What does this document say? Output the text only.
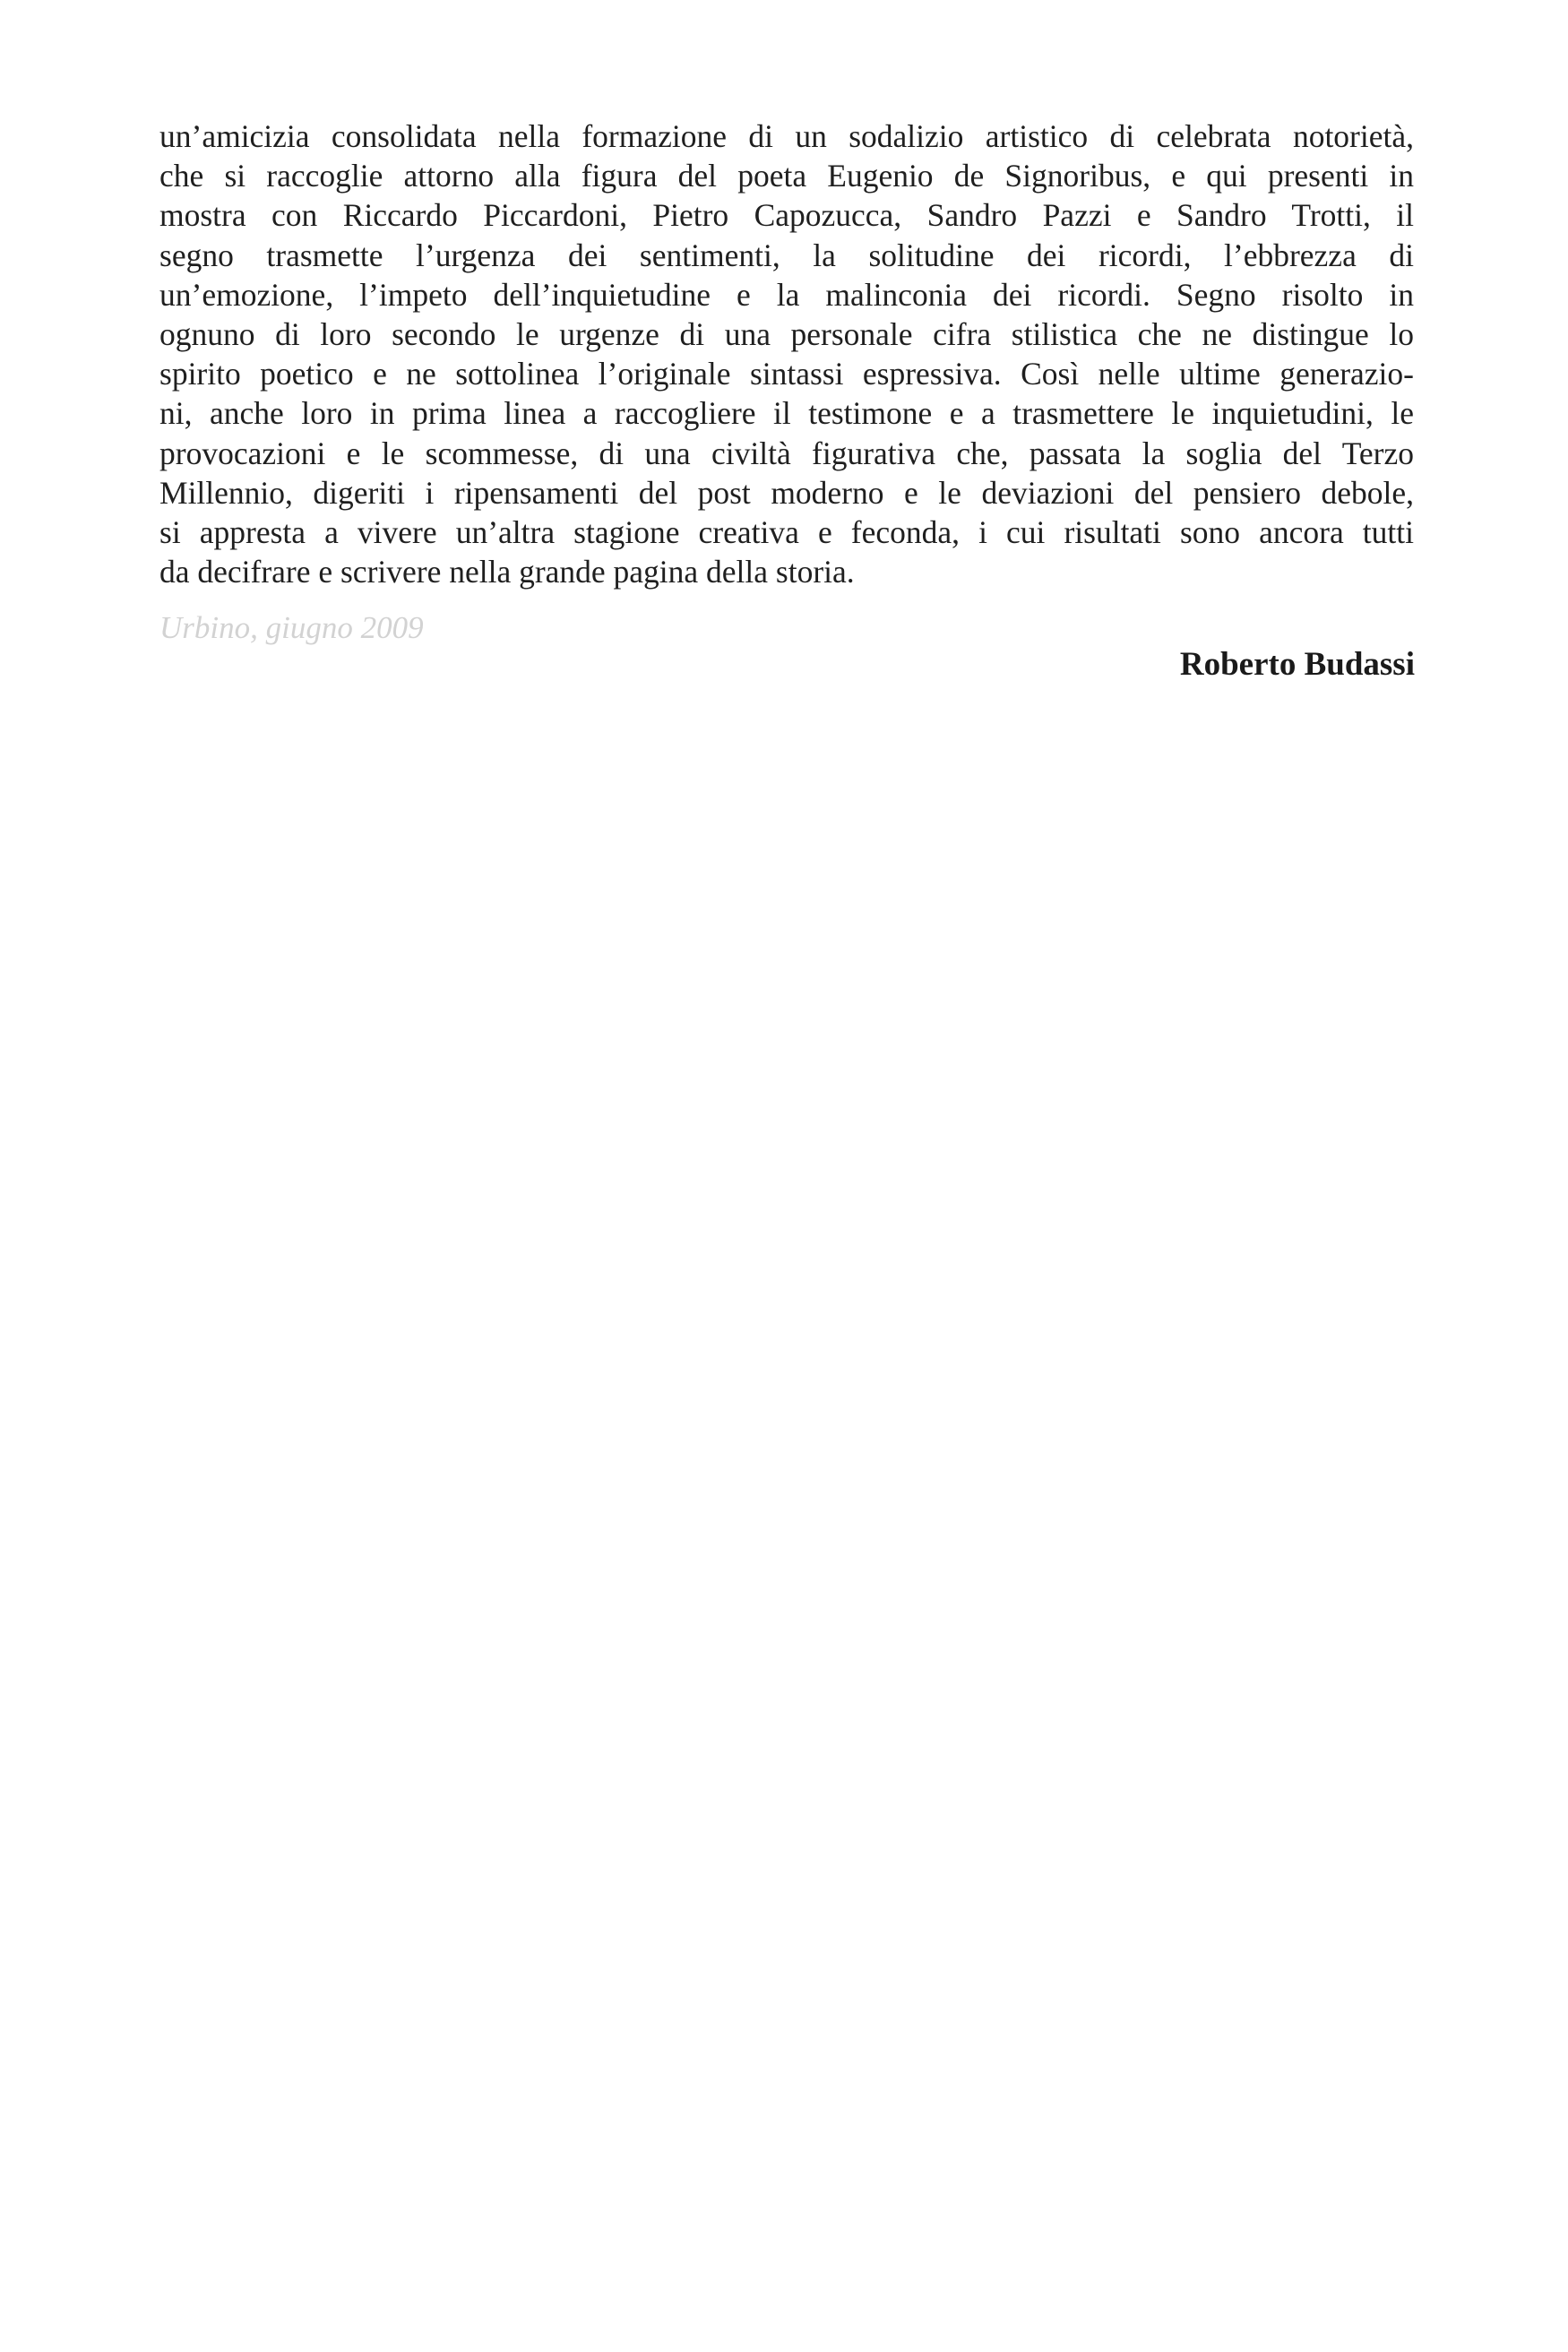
un’amicizia consolidata nella formazione di un sodalizio artistico di celebrata notorietà,
che si raccoglie attorno alla figura del poeta Eugenio de Signoribus, e qui presenti in
mostra con Riccardo Piccardoni, Pietro Capozucca, Sandro Pazzi e Sandro Trotti, il
segno trasmette l’urgenza dei sentimenti, la solitudine dei ricordi, l’ebbrezza di
un’emozione, l’impeto dell’inquietudine e la malinconia dei ricordi. Segno risolto in
ognuno di loro secondo le urgenze di una personale cifra stilistica che ne distingue lo
spirito poetico e ne sottolinea l’originale sintassi espressiva. Così nelle ultime generazio-
ni, anche loro in prima linea a raccogliere il testimone e a trasmettere le inquietudini, le
provocazioni e le scommesse, di una civiltà figurativa che, passata la soglia del Terzo
Millennio, digeriti i ripensamenti del post moderno e le deviazioni del pensiero debole,
si appresta a vivere un’altra stagione creativa e feconda, i cui risultati sono ancora tutti
da decifrare e scrivere nella grande pagina della storia.
Urbino, giugno 2009
Roberto Budassi
